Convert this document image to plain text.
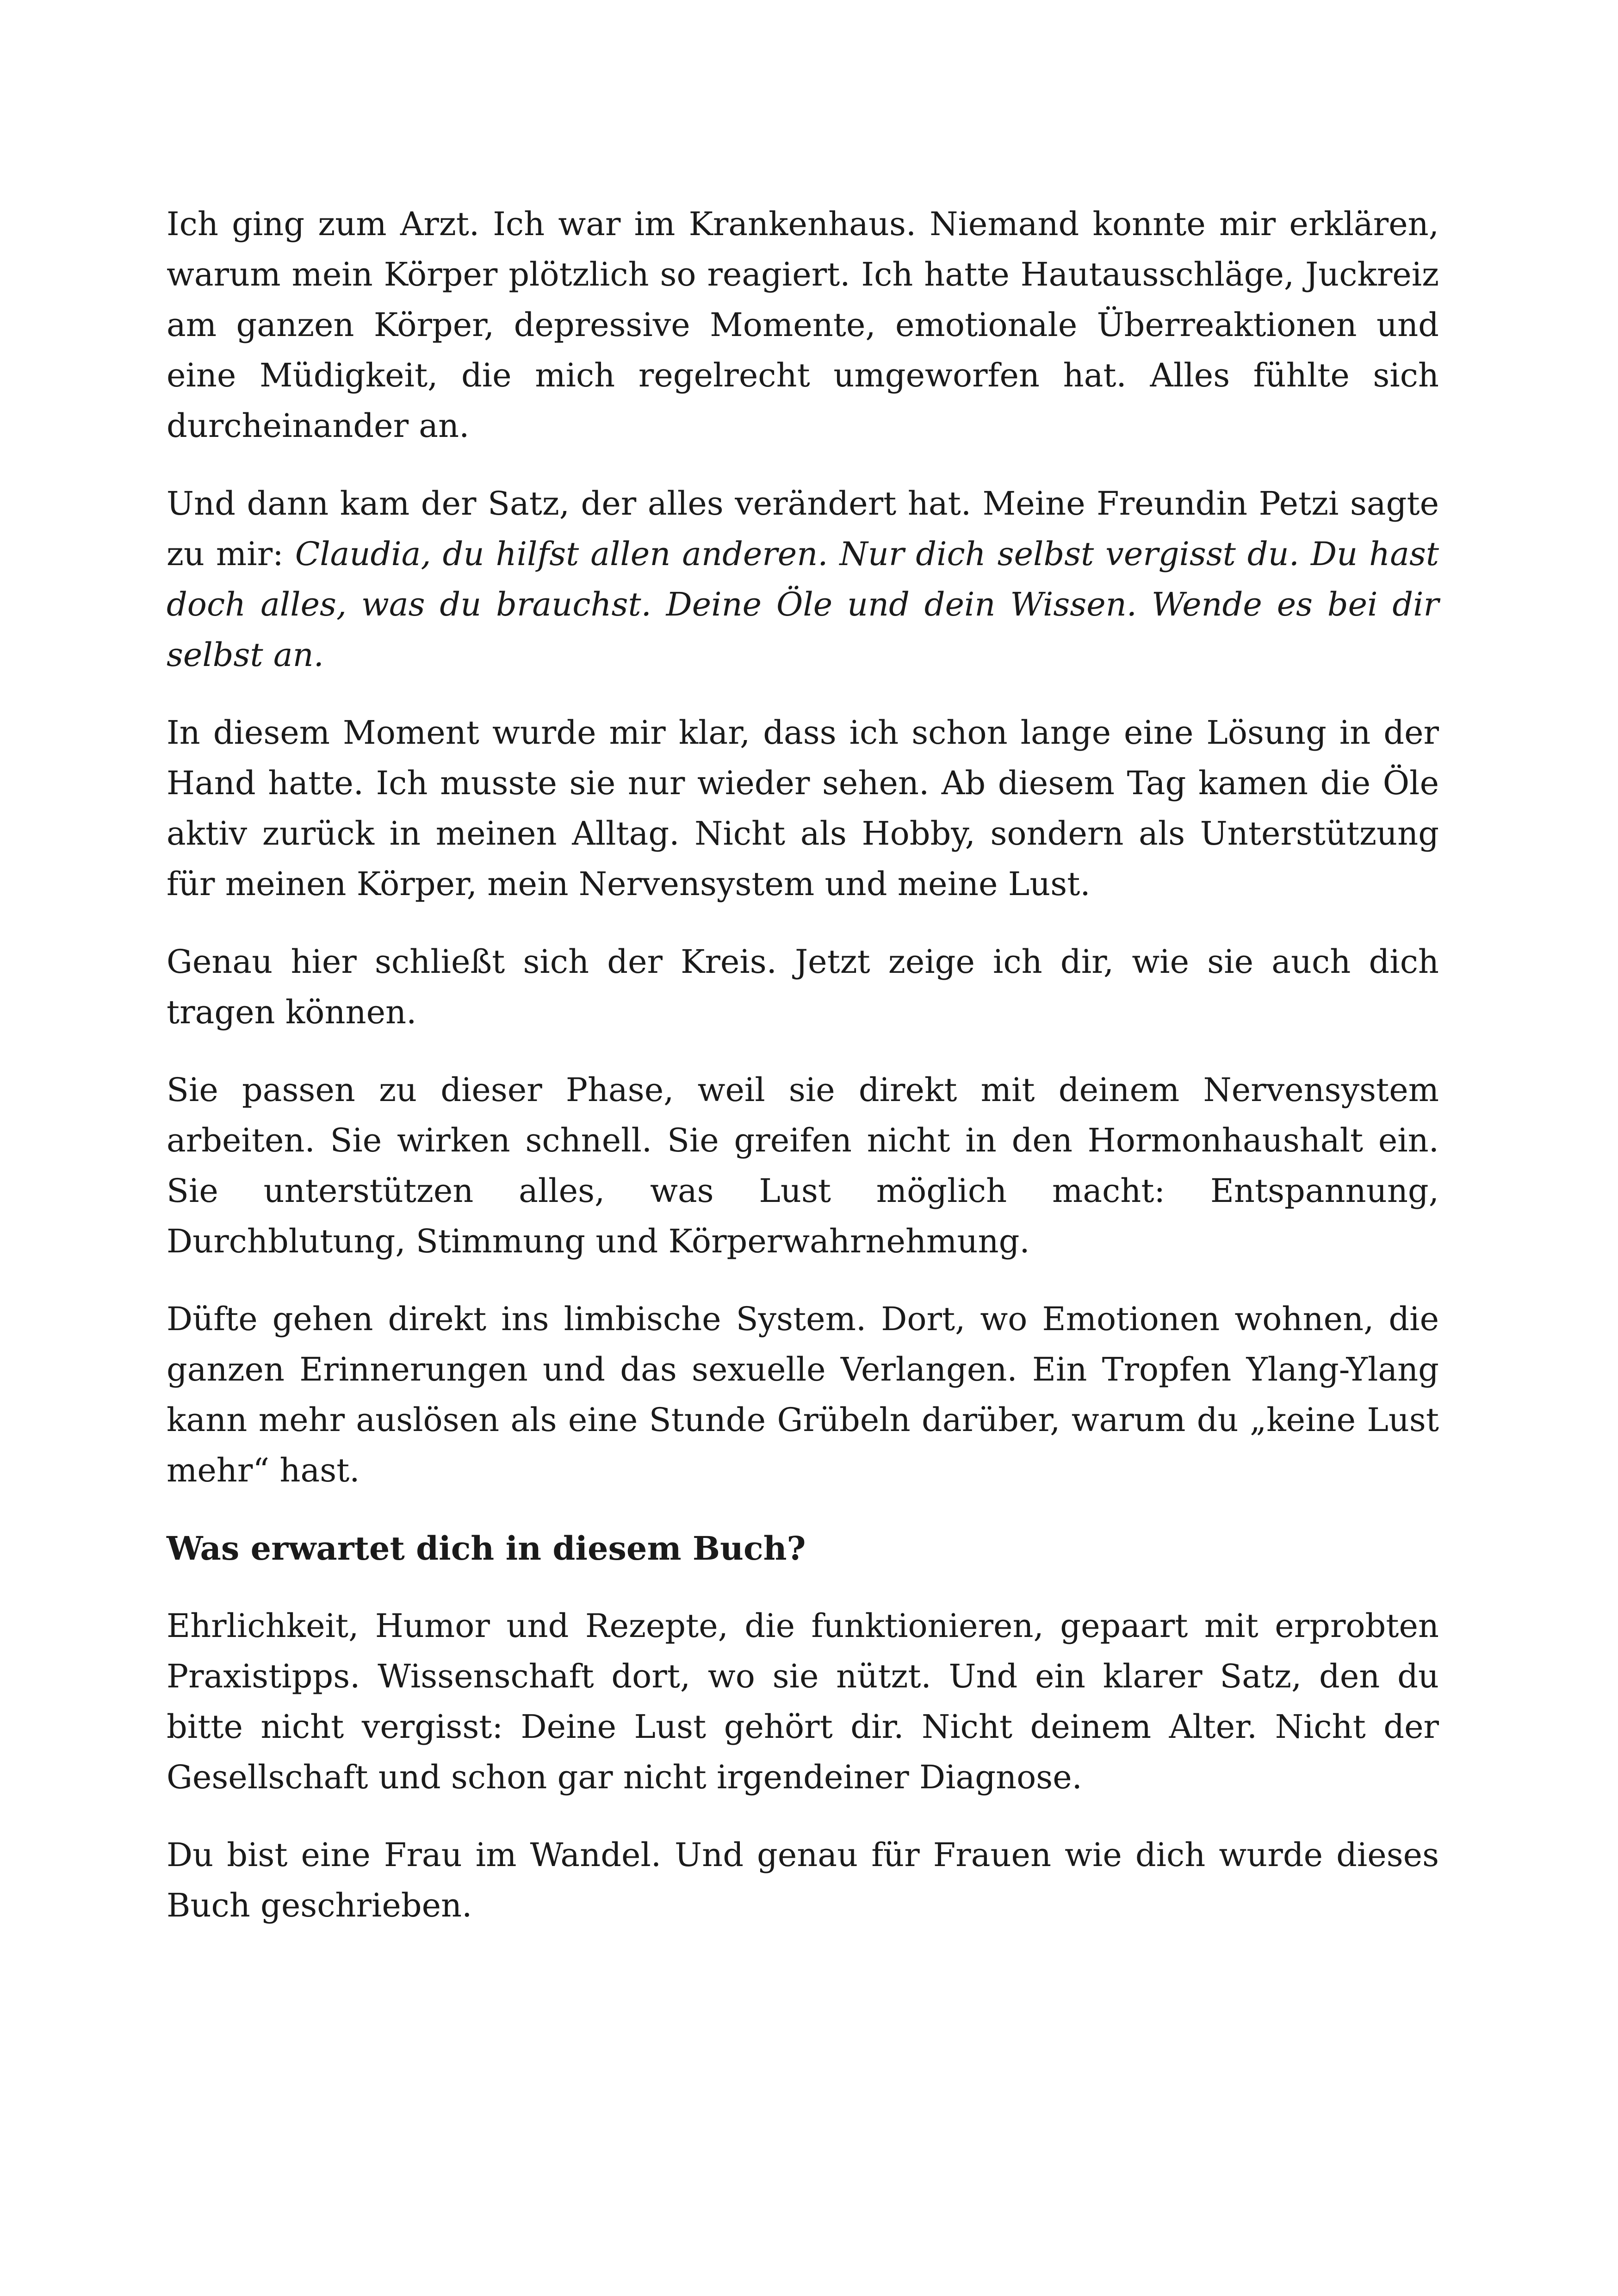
Ich ging zum Arzt. Ich war im Krankenhaus. Niemand konnte mir erklären, warum mein Körper plötzlich so reagiert. Ich hatte Hautausschläge, Juckreiz am ganzen Körper, depressive Momente, emotionale Überreaktionen und eine Müdigkeit, die mich regelrecht umgeworfen hat. Alles fühlte sich durcheinander an.

Und dann kam der Satz, der alles verändert hat. Meine Freundin Petzi sagte zu mir: Claudia, du hilfst allen anderen. Nur dich selbst vergisst du. Du hast doch alles, was du brauchst. Deine Öle und dein Wissen. Wende es bei dir selbst an.

In diesem Moment wurde mir klar, dass ich schon lange eine Lösung in der Hand hatte. Ich musste sie nur wieder sehen. Ab diesem Tag kamen die Öle aktiv zurück in meinen Alltag. Nicht als Hobby, sondern als Unterstützung für meinen Körper, mein Nervensystem und meine Lust.

Genau hier schließt sich der Kreis. Jetzt zeige ich dir, wie sie auch dich tragen können.

Sie passen zu dieser Phase, weil sie direkt mit deinem Nervensystem arbeiten. Sie wirken schnell. Sie greifen nicht in den Hormonhaushalt ein. Sie unterstützen alles, was Lust möglich macht: Entspannung, Durchblutung, Stimmung und Körperwahrnehmung.

Düfte gehen direkt ins limbische System. Dort, wo Emotionen wohnen, die ganzen Erinnerungen und das sexuelle Verlangen. Ein Tropfen Ylang-Ylang kann mehr auslösen als eine Stunde Grübeln darüber, warum du „keine Lust mehr“ hast.

Was erwartet dich in diesem Buch?

Ehrlichkeit, Humor und Rezepte, die funktionieren, gepaart mit erprobten Praxistipps. Wissenschaft dort, wo sie nützt. Und ein klarer Satz, den du bitte nicht vergisst: Deine Lust gehört dir. Nicht deinem Alter. Nicht der Gesellschaft und schon gar nicht irgendeiner Diagnose.

Du bist eine Frau im Wandel. Und genau für Frauen wie dich wurde dieses Buch geschrieben.
